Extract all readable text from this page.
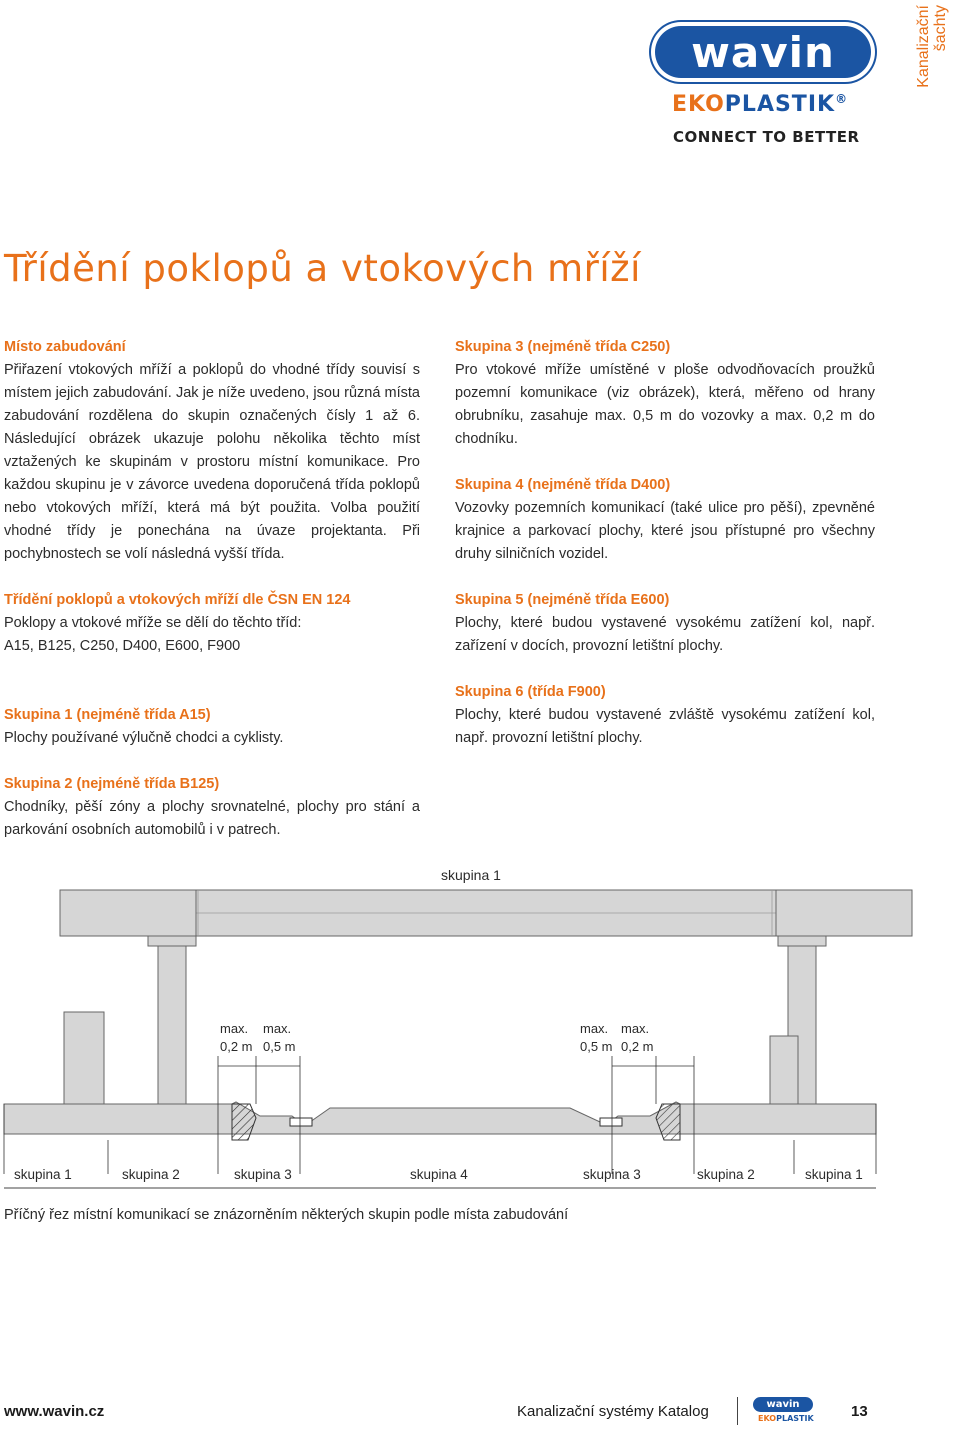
Kanalizační šachty
wavin
EKOPLASTIK®
CONNECT TO BETTER
Třídění poklopů a vtokových mříží
Místo zabudování

Přiřazení vtokových mříží a poklopů do vhodné třídy souvisí s místem jejich zabudování. Jak je níže uvedeno, jsou různá místa zabudování rozdělena do skupin označených čísly 1 až 6. Následující obrázek ukazuje polohu několika těchto míst vztažených ke skupinám v prostoru místní komunikace. Pro každou skupinu je v závorce uvedena doporučená třída poklopů nebo vtokových mříží, která má být použita. Volba použití vhodné třídy je ponechána na úvaze projektanta. Při pochybnostech se volí následná vyšší třída.

Třídění poklopů a vtokových mříží dle ČSN EN 124

Poklopy a vtokové mříže se dělí do těchto tříd:

A15, B125, C250, D400, E600, F900

Skupina 1 (nejméně třída A15)

Plochy používané výlučně chodci a cyklisty.

Skupina 2 (nejméně třída B125)

Chodníky, pěší zóny a plochy srovnatelné, plochy pro stání a parkování osobních automobilů i v patrech.

Skupina 3 (nejméně třída C250)

Pro vtokové mříže umístěné v ploše odvodňovacích proužků pozemní komunikace (viz obrázek), která, měřeno od hrany obrubníku, zasahuje max. 0,5 m do vozovky a max. 0,2 m do chodníku.

Skupina 4 (nejméně třída D400)

Vozovky pozemních komunikací (také ulice pro pěší), zpevněné krajnice a parkovací plochy, které jsou přístupné pro všechny druhy silničních vozidel.

Skupina 5 (nejméně třída E600)

Plochy, které budou vystavené vysokému zatížení kol, např. zařízení v docích, provozní letištní plochy.

Skupina 6 (třída F900)

Plochy, které budou vystavené zvláště vysokému zatížení kol, např. provozní letištní plochy.

skupina 1
max.
0,2 m
max.
0,5 m
max.
0,5 m
max.
0,2 m
skupina 1	skupina 2	skupina 3	skupina 4	skupina 3	skupina 2	skupina 1
Příčný řez místní komunikací se znázorněním některých skupin podle místa zabudování
www.wavin.cz	Kanalizační systémy Katalog	wavin
EKOPLASTIK 13
